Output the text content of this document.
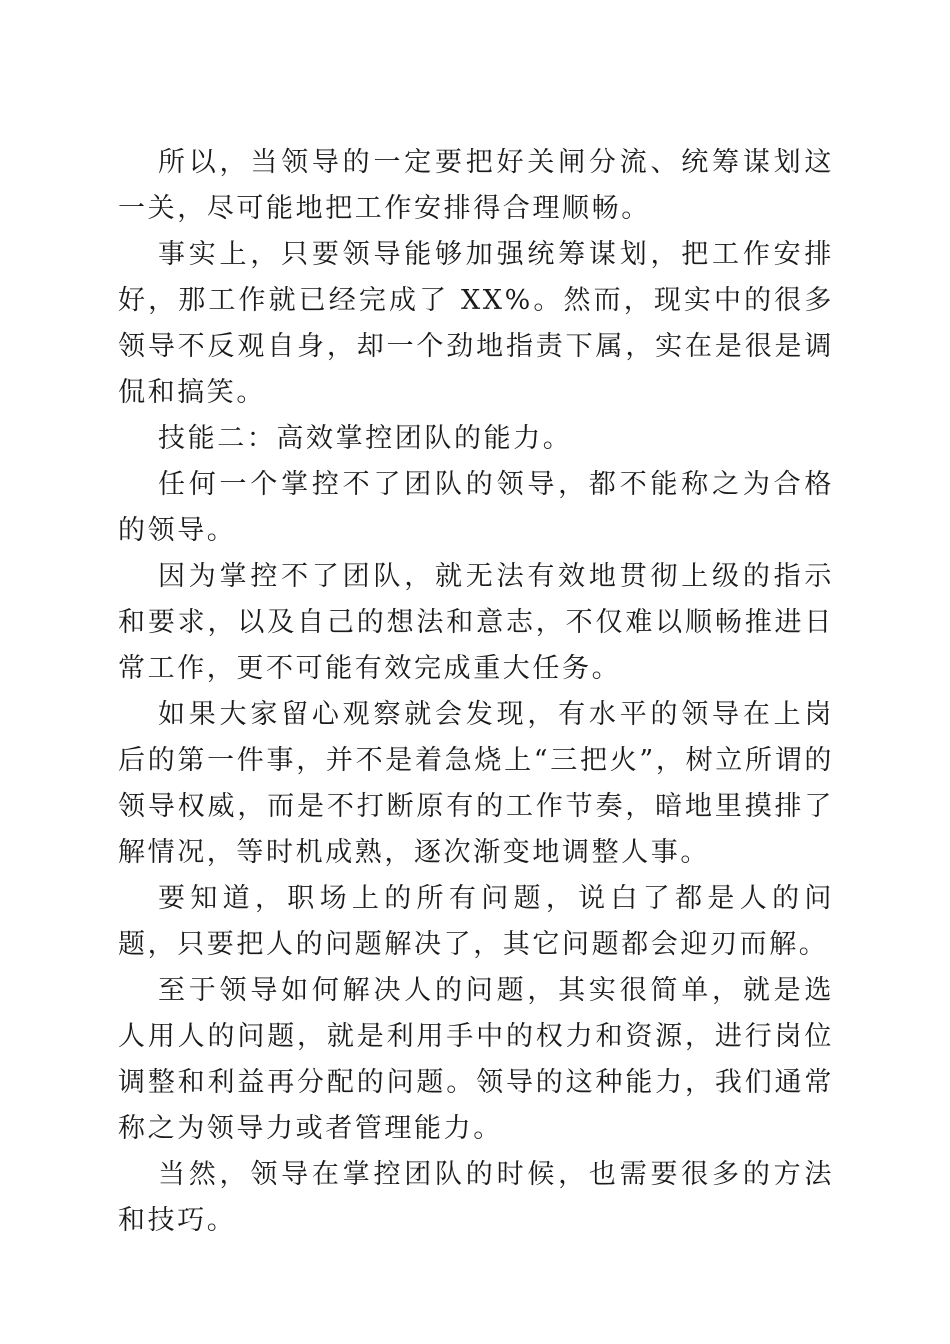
所以，当领导的一定要把好关闸分流、统筹谋划这一关，尽可能地把工作安排得合理顺畅。

事实上，只要领导能够加强统筹谋划，把工作安排好，那工作就已经完成了 XX%。然而，现实中的很多领导不反观自身，却一个劲地指责下属，实在是很是调侃和搞笑。

技能二：高效掌控团队的能力。

任何一个掌控不了团队的领导，都不能称之为合格的领导。

因为掌控不了团队，就无法有效地贯彻上级的指示和要求，以及自己的想法和意志，不仅难以顺畅推进日常工作，更不可能有效完成重大任务。

如果大家留心观察就会发现，有水平的领导在上岗后的第一件事，并不是着急烧上“三把火”，树立所谓的领导权威，而是不打断原有的工作节奏，暗地里摸排了解情况，等时机成熟，逐次渐变地调整人事。

要知道，职场上的所有问题，说白了都是人的问题，只要把人的问题解决了，其它问题都会迎刃而解。

至于领导如何解决人的问题，其实很简单，就是选人用人的问题，就是利用手中的权力和资源，进行岗位调整和利益再分配的问题。领导的这种能力，我们通常称之为领导力或者管理能力。

当然，领导在掌控团队的时候，也需要很多的方法和技巧。
